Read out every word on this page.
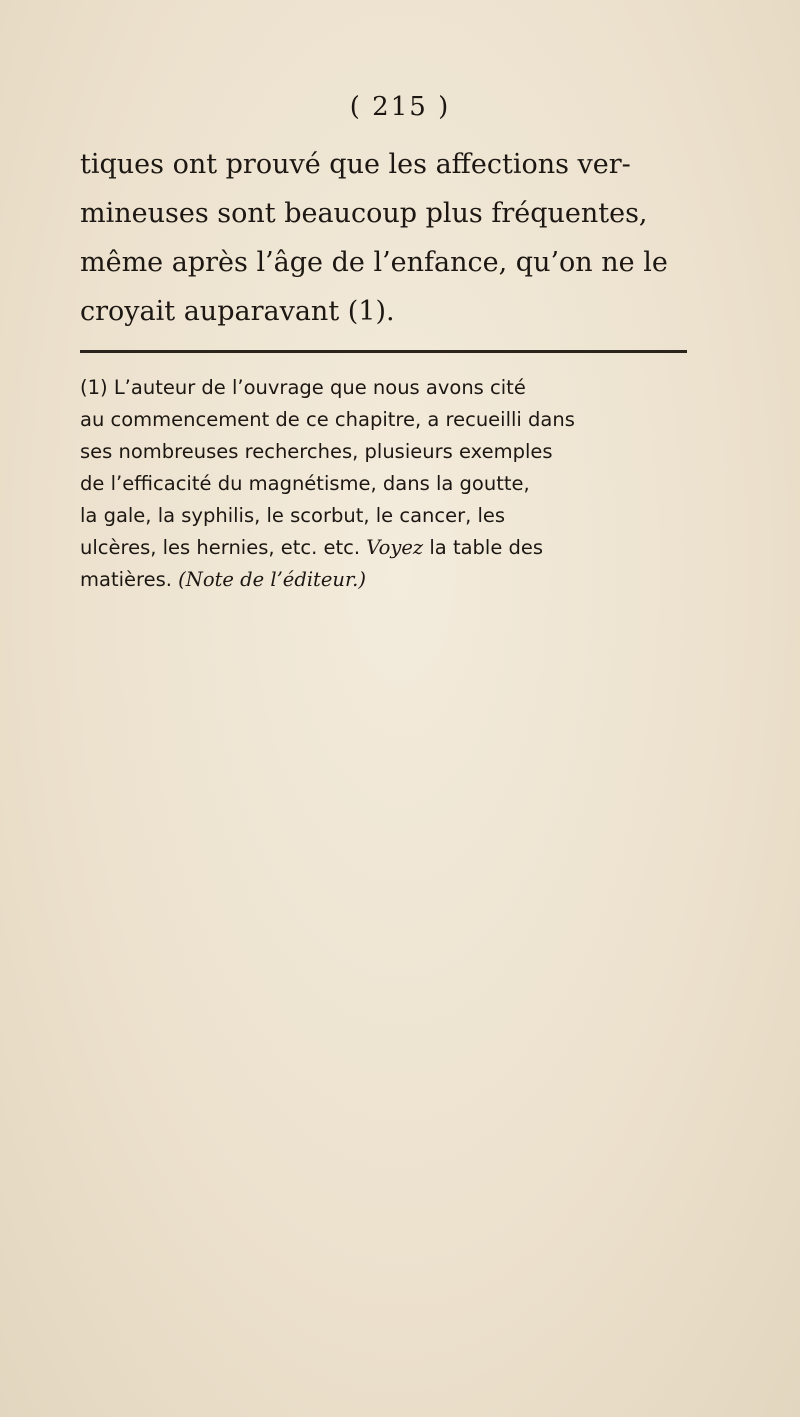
( 215 )
tiques ont prouvé que les affections ver-
mineuses sont beaucoup plus fréquentes,
même après l’âge de l’enfance, qu’on ne le
croyait auparavant (1).
(1) L’auteur de l’ouvrage que nous avons cité
au commencement de ce chapitre, a recueilli dans
ses nombreuses recherches, plusieurs exemples
de l’efficacité du magnétisme, dans la goutte,
la gale, la syphilis, le scorbut, le cancer, les
ulcères, les hernies, etc. etc. Voyez la table des
matières. (Note de l’éditeur.)
